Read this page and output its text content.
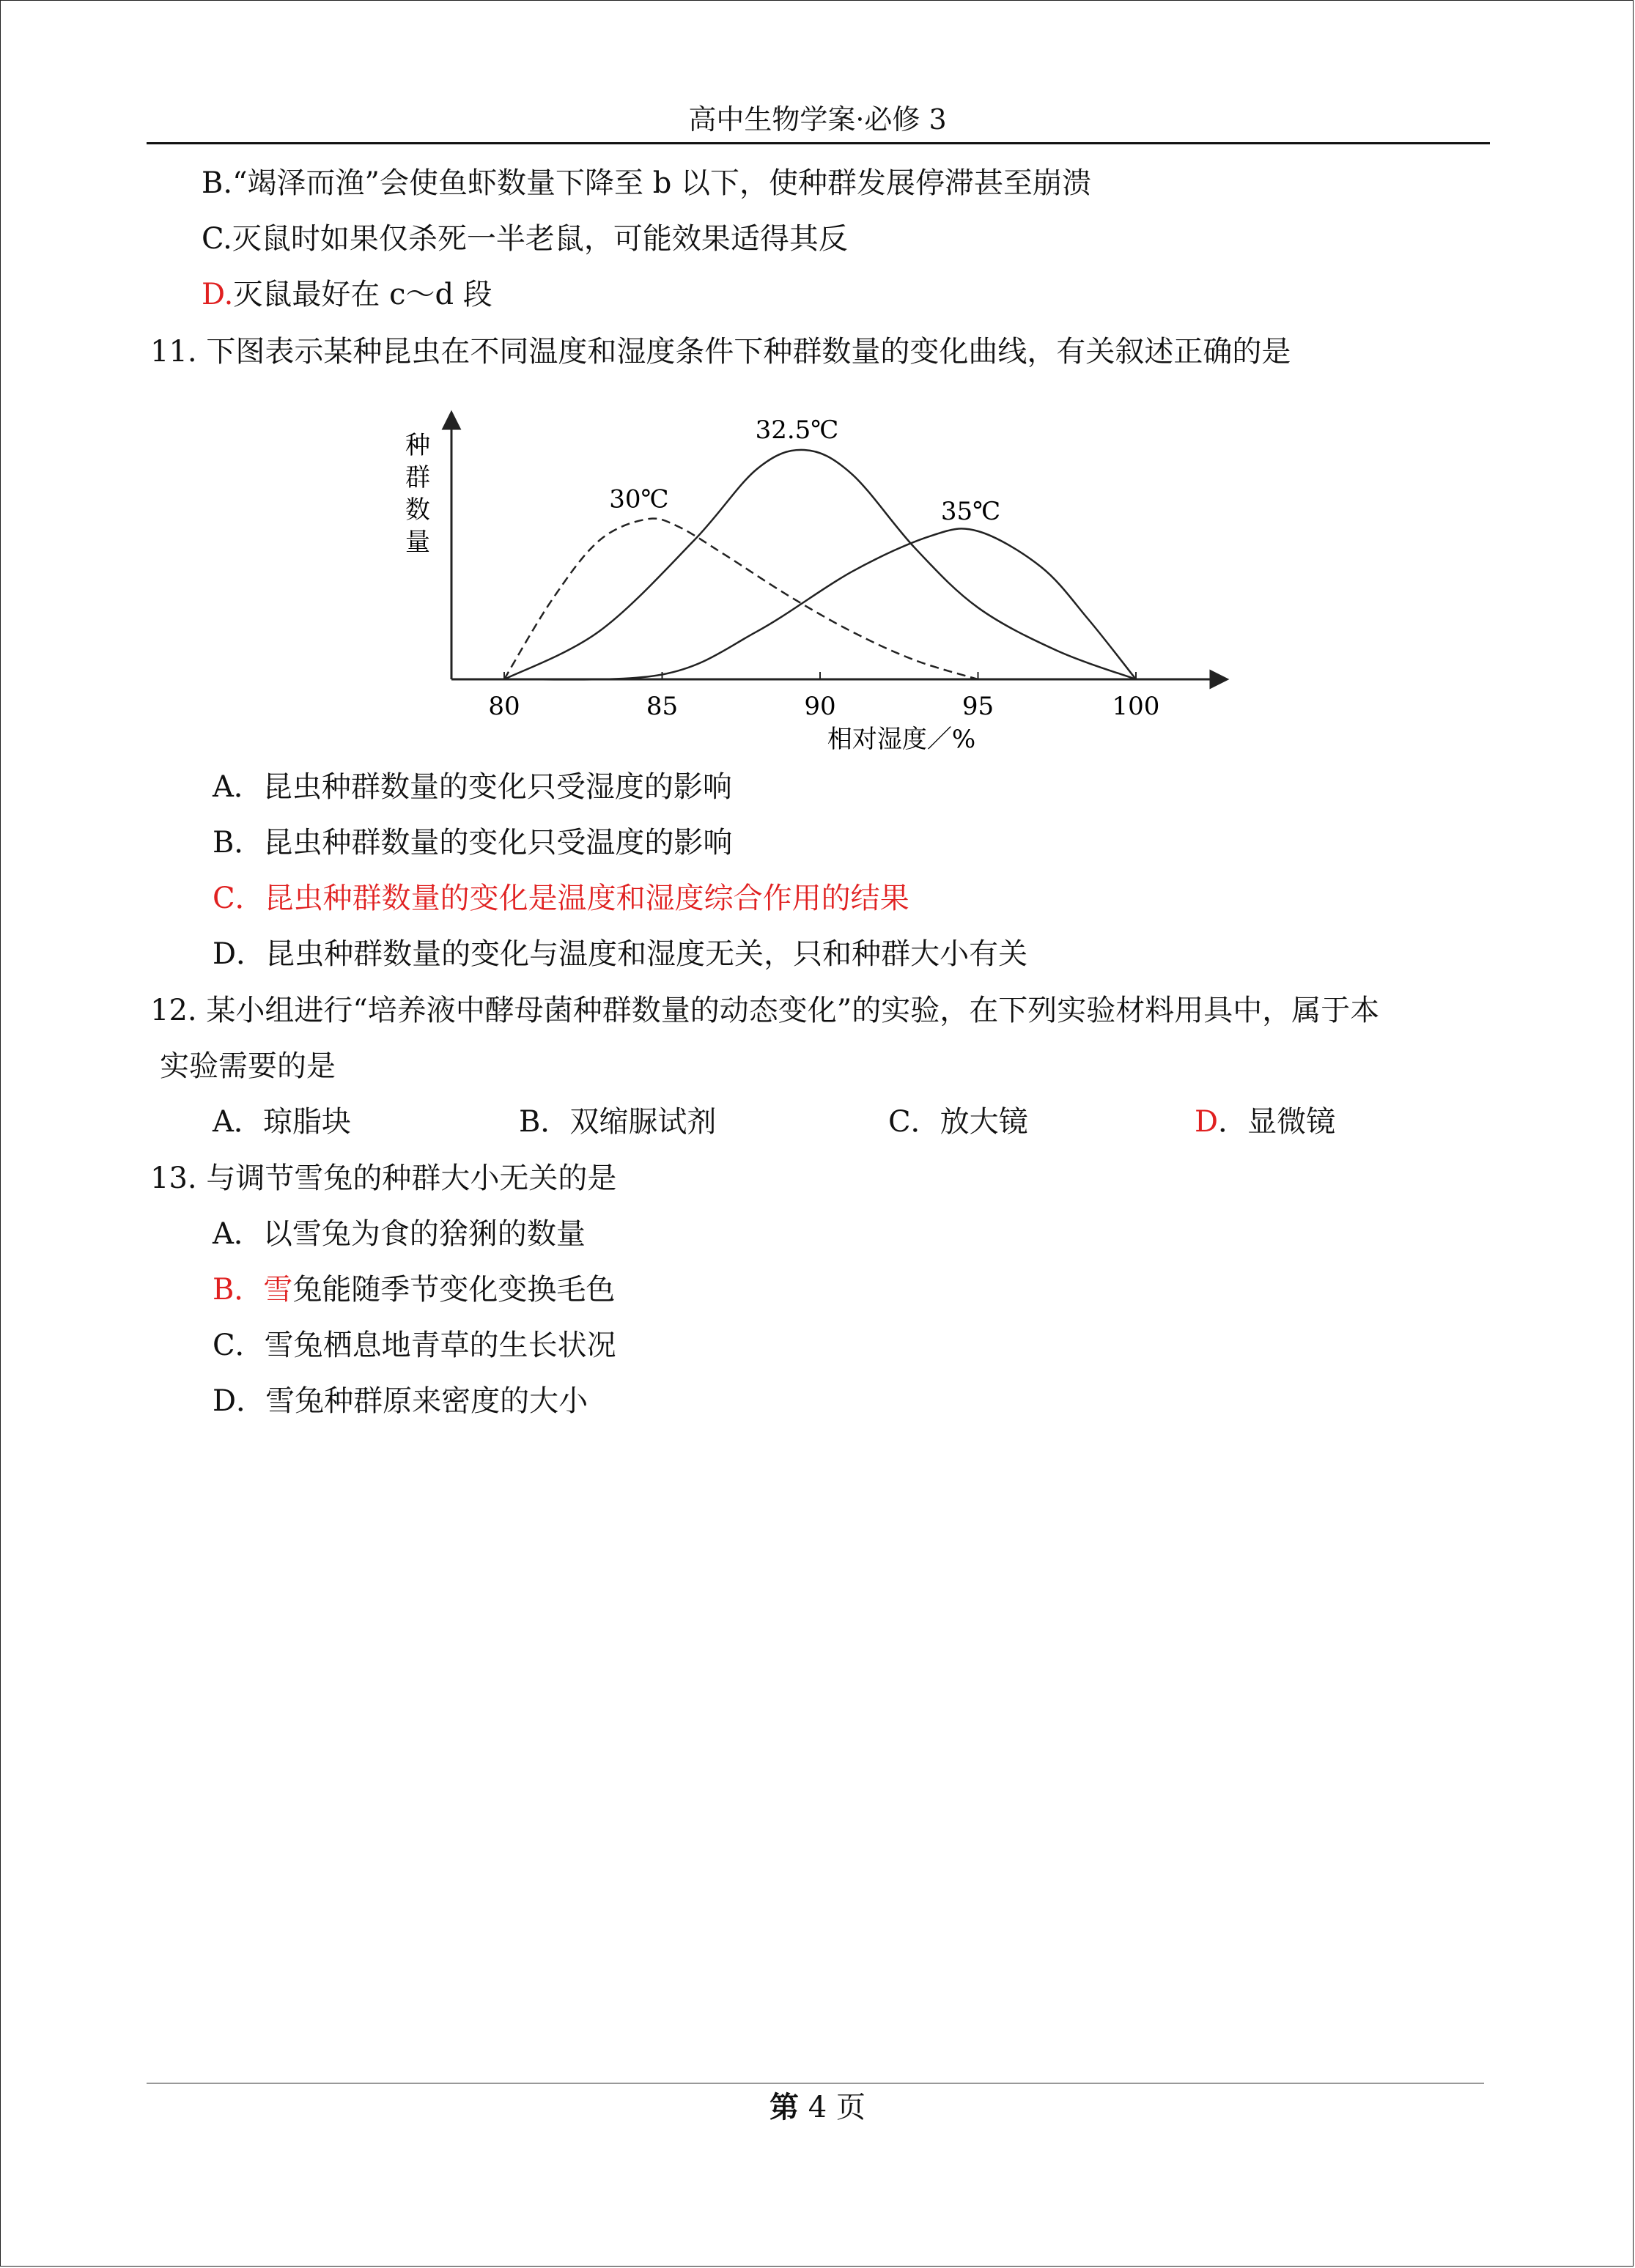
高中生物学案·必修 3
B.“竭泽而渔”会使鱼虾数量下降至 b 以下，使种群发展停滞甚至崩溃
C.灭鼠时如果仅杀死一半老鼠，可能效果适得其反
D.灭鼠最好在 c～d 段
11. 下图表示某种昆虫在不同温度和湿度条件下种群数量的变化曲线，有关叙述正确的是
种
群
数
量
80	85	90	95	100
30℃
32.5℃
35℃
相对湿度／%
A．昆虫种群数量的变化只受湿度的影响
B．昆虫种群数量的变化只受温度的影响
C．昆虫种群数量的变化是温度和湿度综合作用的结果
D．昆虫种群数量的变化与温度和湿度无关，只和种群大小有关
12. 某小组进行“培养液中酵母菌种群数量的动态变化”的实验，在下列实验材料用具中，属于本
实验需要的是
A．琼脂块	B．双缩脲试剂	C．放大镜	D．显微镜
13. 与调节雪兔的种群大小无关的是
A．以雪兔为食的猞猁的数量
B．雪兔能随季节变化变换毛色
C．雪兔栖息地青草的生长状况
D．雪兔种群原来密度的大小
第 4 页
